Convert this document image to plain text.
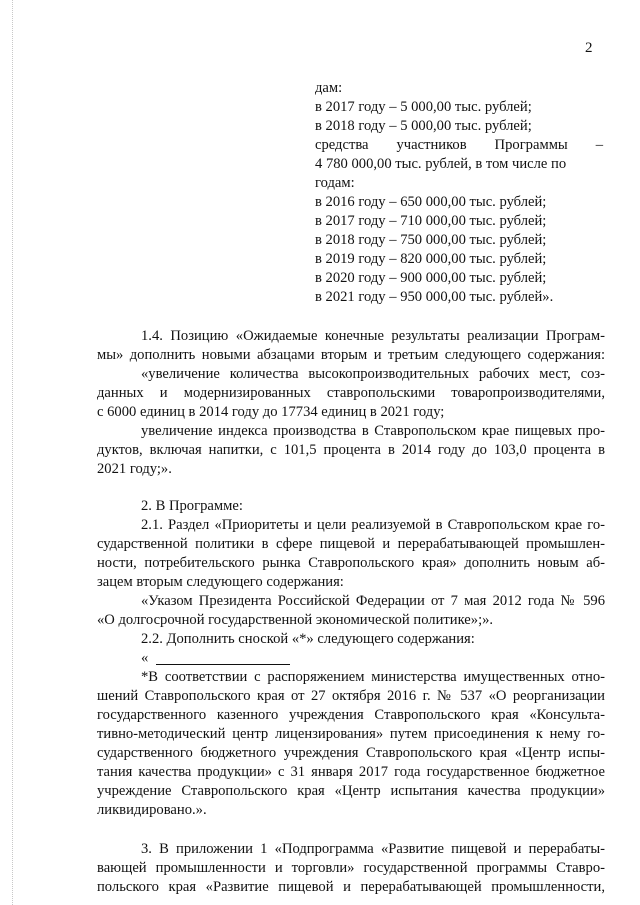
2
дам:
в 2017 году – 5 000,00 тыс. рублей;
в 2018 году – 5 000,00 тыс. рублей;
средства участников Программы –
4 780 000,00 тыс. рублей, в том числе по
годам:
в 2016 году – 650 000,00 тыс. рублей;
в 2017 году – 710 000,00 тыс. рублей;
в 2018 году – 750 000,00 тыс. рублей;
в 2019 году – 820 000,00 тыс. рублей;
в 2020 году – 900 000,00 тыс. рублей;
в 2021 году – 950 000,00 тыс. рублей».
1.4. Позицию «Ожидаемые конечные результаты реализации Програм-
мы» дополнить новыми абзацами вторым и третьим следующего содержания:
«увеличение количества высокопроизводительных рабочих мест, соз-
данных и модернизированных ставропольскими товаропроизводителями,
с 6000 единиц в 2014 году до 17734 единиц в 2021 году;
увеличение индекса производства в Ставропольском крае пищевых про-
дуктов, включая напитки, с 101,5 процента в 2014 году до 103,0 процента в
2021 году;».
2. В Программе:
2.1. Раздел «Приоритеты и цели реализуемой в Ставропольском крае го-
сударственной политики в сфере пищевой и перерабатывающей промышлен-
ности, потребительского рынка Ставропольского края» дополнить новым аб-
зацем вторым следующего содержания:
«Указом Президента Российской Федерации от 7 мая 2012 года № 596
«О долгосрочной государственной экономической политике»;».
2.2. Дополнить сноской «*» следующего содержания:
«
*В соответствии с распоряжением министерства имущественных отно-
шений Ставропольского края от 27 октября 2016 г. № 537 «О реорганизации
государственного казенного учреждения Ставропольского края «Консульта-
тивно-методический центр лицензирования» путем присоединения к нему го-
сударственного бюджетного учреждения Ставропольского края «Центр испы-
тания качества продукции» с 31 января 2017 года государственное бюджетное
учреждение Ставропольского края «Центр испытания качества продукции»
ликвидировано.».
3. В приложении 1 «Подпрограмма «Развитие пищевой и перерабаты-
вающей промышленности и торговли» государственной программы Ставро-
польского края «Развитие пищевой и перерабатывающей промышленности,
